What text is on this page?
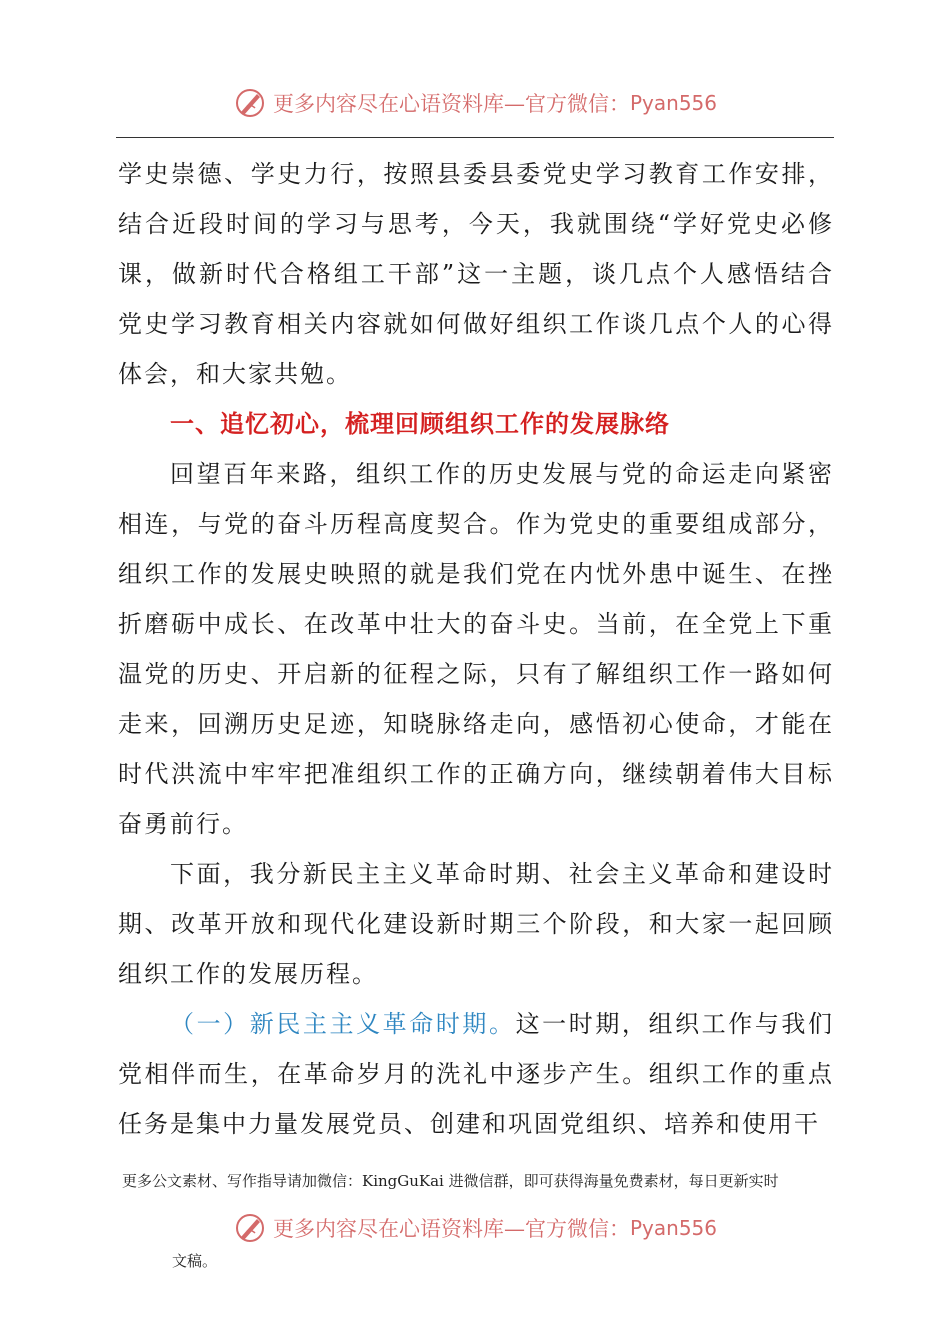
更多内容尽在心语资料库—官方微信： Pyan556

学史崇德、学史力行，按照县委县委党史学习教育工作安排，结合近段时间的学习与思考，今天，我就围绕“学好党史必修课，做新时代合格组工干部”这一主题，谈几点个人感悟结合党史学习教育相关内容就如何做好组织工作谈几点个人的心得体会，和大家共勉。

一、追忆初心，梳理回顾组织工作的发展脉络

回望百年来路，组织工作的历史发展与党的命运走向紧密相连，与党的奋斗历程高度契合。作为党史的重要组成部分，组织工作的发展史映照的就是我们党在内忧外患中诞生、在挫折磨砺中成长、在改革中壮大的奋斗史。当前，在全党上下重温党的历史、开启新的征程之际，只有了解组织工作一路如何走来，回溯历史足迹，知晓脉络走向，感悟初心使命，才能在时代洪流中牢牢把准组织工作的正确方向，继续朝着伟大目标奋勇前行。

下面，我分新民主主义革命时期、社会主义革命和建设时期、改革开放和现代化建设新时期三个阶段，和大家一起回顾组织工作的发展历程。

（一）新民主主义革命时期。这一时期，组织工作与我们党相伴而生，在革命岁月的洗礼中逐步产生。组织工作的重点任务是集中力量发展党员、创建和巩固党组织、培养和使用干

更多公文素材、写作指导请加微信：KingGuKai 进微信群，即可获得海量免费素材，每日更新实时
更多内容尽在心语资料库—官方微信： Pyan556
文稿。
